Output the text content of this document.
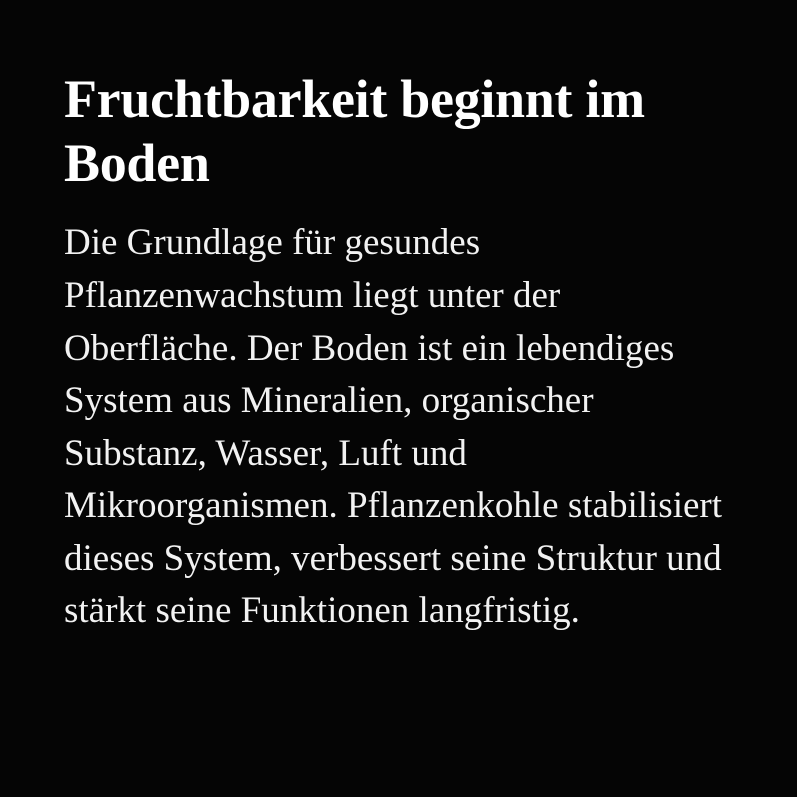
Fruchtbarkeit beginnt im Boden

Die Grundlage für gesundes Pflanzenwachstum liegt unter der Oberfläche. Der Boden ist ein lebendiges System aus Mineralien, organischer Substanz, Wasser, Luft und Mikroorganismen. Pflanzenkohle stabilisiert dieses System, verbessert seine Struktur und stärkt seine Funktionen langfristig.
